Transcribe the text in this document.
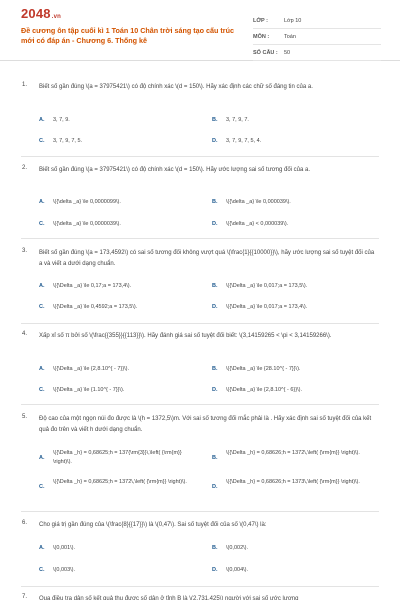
2048.vn
Đề cương ôn tập cuối kì 1 Toán 10 Chân trời sáng tạo cấu trúc mới có đáp án - Chương 6. Thống kê
LỚP :	Lớp 10
MÔN :	Toán
SỐ CÂU :	50
1. Biết số gần đúng \(a = 37975421\) có độ chính xác \(d = 150\). Hãy xác định các chữ số đáng tin của a.
A. 3, 7, 9.	B. 3, 7, 9, 7.
C. 3, 7, 9, 7, 5.	D. 3, 7, 9, 7, 5, 4.
2. Biết số gần đúng \(a = 37975421\) có độ chính xác \(d = 150\). Hãy ước lượng sai số tương đối của a.
A. \({\delta _a} \le 0,0000099\).	B. \({\delta _a} \le 0,000039\).
C. \({\delta _a} \le 0,0000039\).	D. \({\delta _a} < 0,000039\).
3. Biết số gần đúng \(a = 173,4592\) có sai số tương đối không vượt quá \(\frac{1}{{10000}}\), hãy ước lượng sai số tuyệt đối của a và viết a dưới dạng chuẩn.
A. \({\Delta _a} \le 0,17;a = 173,4\).	B. \({\Delta _a} \le 0,017;a = 173,5\).
C. \({\Delta _a} \le 0,4592;a = 173,5\).	D. \({\Delta _a} \le 0,017;a = 173,4\).
4. Xấp xỉ số π bởi số \(\frac{{355}}{{113}}\). Hãy đánh giá sai số tuyệt đối biết: \(3,14159265 < \pi < 3,14159266\).
A. \({\Delta _a} \le {2,8.10^{ - 7}}\).	B. \({\Delta _a} \le {28.10^{ - 7}}\).
C. \({\Delta _a} \le {1.10^{ - 7}}\).	D. \({\Delta _a} \le {2,8.10^{ - 6}}\).
5. Độ cao của một ngọn núi đo được là \(h = 1372,5\)m. Với sai số tương đối mắc phải là . Hãy xác định sai số tuyệt đối của kết quả đo trên và viết h dưới dạng chuẩn.
A.
\({\Delta _h} = 0,68625;h = 137{\rm{3}}\,\left( {\rm{m}} \right)\).
B.
\({\Delta _h} = 0,68626;h = 1372\,\left( {\rm{m}} \right)\).
C.
\({\Delta _h} = 0,68625;h = 1372\,\left( {\rm{m}} \right)\).
D.
\({\Delta _h} = 0,68626;h = 1373\,\left( {\rm{m}} \right)\).
6. Cho giá trị gần đúng của \(\frac{8}{{17}}\) là \(0,47\). Sai số tuyệt đối của số \(0,47\) là:
A. \(0,001\).	B. \(0,002\).
C. \(0,003\).	D. \(0,004\).
7. Qua điều tra dân số kết quả thu được số dân ở tỉnh B là \(2.731.425\) người với sai số ước lượng
